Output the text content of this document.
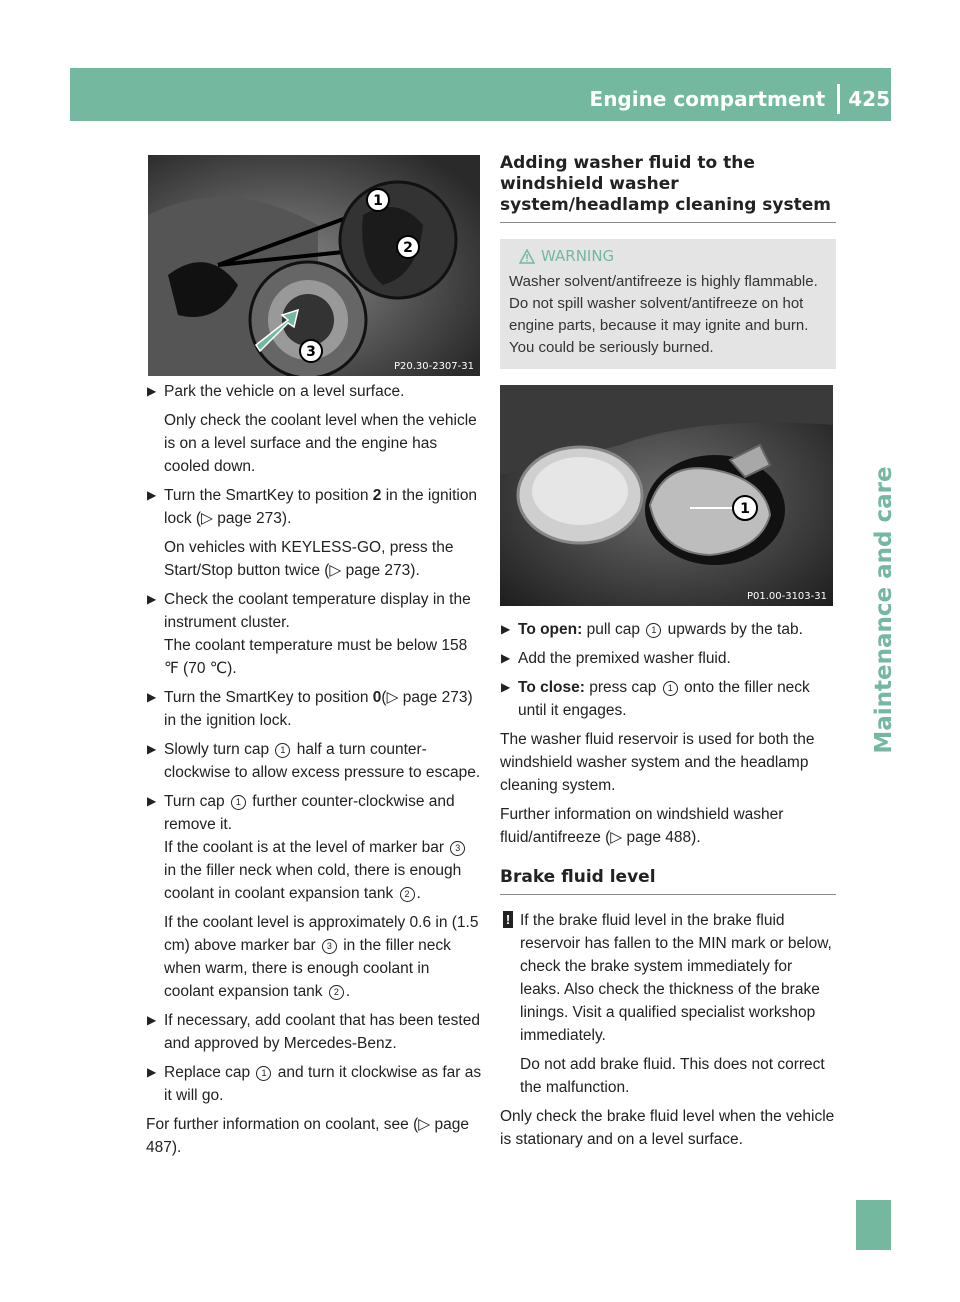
Engine compartment 425
Maintenance and care
1
2
3
P20.30-2307-31
▶ Park the vehicle on a level surface.

Only check the coolant level when the vehicle is on a level surface and the engine has cooled down.

▶ Turn the SmartKey to position 2 in the ignition lock (▷ page 273).

On vehicles with KEYLESS-GO, press the Start/Stop button twice (▷ page 273).

▶ Check the coolant temperature display in the instrument cluster.
The coolant temperature must be below 158 ℉ (70 ℃).

▶ Turn the SmartKey to position 0(▷ page 273) in the ignition lock.

▶ Slowly turn cap 1 half a turn counter-clockwise to allow excess pressure to escape.

▶ Turn cap 1 further counter-clockwise and remove it.
If the coolant is at the level of marker bar 3 in the filler neck when cold, there is enough coolant in coolant expansion tank 2 .

If the coolant level is approximately 0.6 in (1.5 cm) above marker bar 3 in the filler neck when warm, there is enough coolant in coolant expansion tank 2 .

▶ If necessary, add coolant that has been tested and approved by Mercedes-Benz.

▶ Replace cap 1 and turn it clockwise as far as it will go.

For further information on coolant, see (▷ page 487).

Adding washer fluid to the windshield washer system/headlamp cleaning system
WARNING
Washer solvent/antifreeze is highly flammable. Do not spill washer solvent/antifreeze on hot engine parts, because it may ignite and burn. You could be seriously burned.
1
P01.00-3103-31
▶ To open: pull cap 1 upwards by the tab.

▶ Add the premixed washer fluid.

▶ To close: press cap 1 onto the filler neck until it engages.

The washer fluid reservoir is used for both the windshield washer system and the headlamp cleaning system.

Further information on windshield washer fluid/antifreeze (▷ page 488).

Brake fluid level
! If the brake fluid level in the brake fluid reservoir has fallen to the MIN mark or below, check the brake system immediately for leaks. Also check the thickness of the brake linings. Visit a qualified specialist workshop immediately.

Do not add brake fluid. This does not correct the malfunction.

Only check the brake fluid level when the vehicle is stationary and on a level surface.
